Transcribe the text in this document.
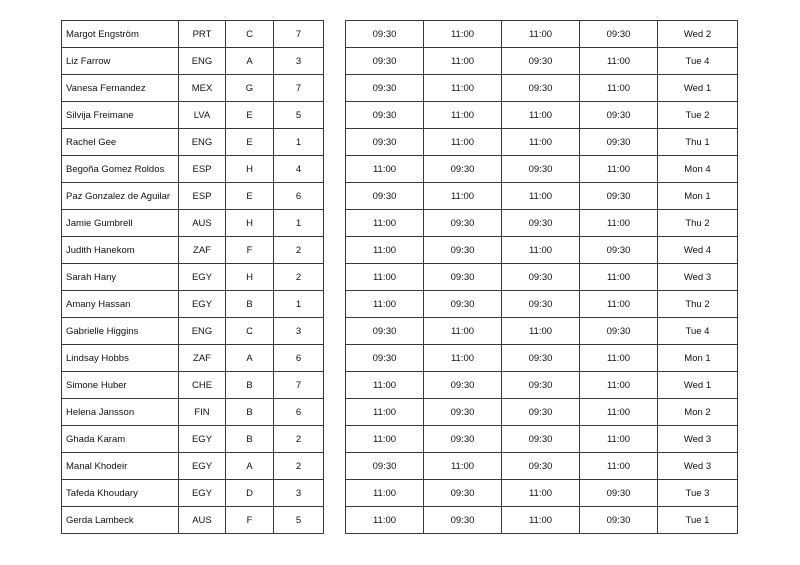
Margot Engström	PRT	C	7
Liz Farrow	ENG	A	3
Vanesa Fernandez	MEX	G	7
Silvija Freimane	LVA	E	5
Rachel Gee	ENG	E	1
Begoña Gomez Roldos	ESP	H	4
Paz Gonzalez de Aguilar	ESP	E	6
Jamie Gumbrell	AUS	H	1
Judith Hanekom	ZAF	F	2
Sarah Hany	EGY	H	2
Amany Hassan	EGY	B	1
Gabrielle Higgins	ENG	C	3
Lindsay Hobbs	ZAF	A	6
Simone Huber	CHE	B	7
Helena Jansson	FIN	B	6
Ghada Karam	EGY	B	2
Manal Khodeir	EGY	A	2
Tafeda Khoudary	EGY	D	3
Gerda Lambeck	AUS	F	5
09:30	11:00	11:00	09:30	Wed 2
09:30	11:00	09:30	11:00	Tue 4
09:30	11:00	09:30	11:00	Wed 1
09:30	11:00	11:00	09:30	Tue 2
09:30	11:00	11:00	09:30	Thu 1
11:00	09:30	09:30	11:00	Mon 4
09:30	11:00	11:00	09:30	Mon 1
11:00	09:30	09:30	11:00	Thu 2
11:00	09:30	11:00	09:30	Wed 4
11:00	09:30	09:30	11:00	Wed 3
11:00	09:30	09:30	11:00	Thu 2
09:30	11:00	11:00	09:30	Tue 4
09:30	11:00	09:30	11:00	Mon 1
11:00	09:30	09:30	11:00	Wed 1
11:00	09:30	09:30	11:00	Mon 2
11:00	09:30	09:30	11:00	Wed 3
09:30	11:00	09:30	11:00	Wed 3
11:00	09:30	11:00	09:30	Tue 3
11:00	09:30	11:00	09:30	Tue 1
